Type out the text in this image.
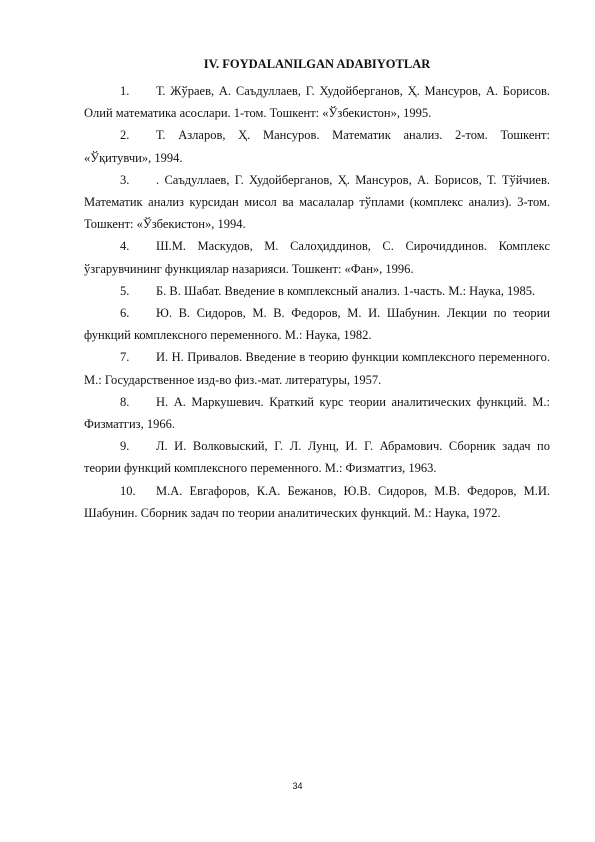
IV. FOYDALANILGAN ADABIYOTLAR
1.	Т. Жўраев, А. Саъдуллаев, Г. Худойберганов, Ҳ. Мансуров, А. Борисов. Олий математика асослари. 1-том. Тошкент: «Ўзбекистон», 1995.
2.	Т. Азларов, Ҳ. Мансуров. Математик анализ. 2-том. Тошкент: «Ўқитувчи», 1994.
3.	. Саъдуллаев, Г. Худойберганов, Ҳ. Мансуров, А. Борисов, Т. Тўйчиев. Математик анализ курсидан мисол ва масалалар тўплами (комплекс анализ). 3-том. Тошкент: «Ўзбекистон», 1994.
4.	Ш.М. Маскудов, М. Салоҳиддинов, С. Сирочиддинов. Комплекс ўзгарувчининг функциялар назарияси. Тошкент: «Фан», 1996.
5.	Б. В. Шабат. Введение в комплексный анализ. 1-часть. М.: Наука, 1985.
6.	Ю. В. Сидоров, М. В. Федоров, М. И. Шабунин. Лекции по теории функций комплексного переменного. М.: Наука, 1982.
7.	И. Н. Привалов. Введение в теорию функции комплексного переменного. М.: Государственное изд-во физ.-мат. литературы, 1957.
8.	Н. А. Маркушевич. Краткий курс теории аналитических функций. М.: Физматгиз, 1966.
9.	Л. И. Волковыский, Г. Л. Лунц, И. Г. Абрамович. Сборник задач по теории функций комплексного переменного. М.: Физматгиз, 1963.
10.	М.А. Евгафоров, К.А. Бежанов, Ю.В. Сидоров, М.В. Федоров, М.И. Шабунин. Сборник задач по теории аналитических функций. М.: Наука, 1972.
34
